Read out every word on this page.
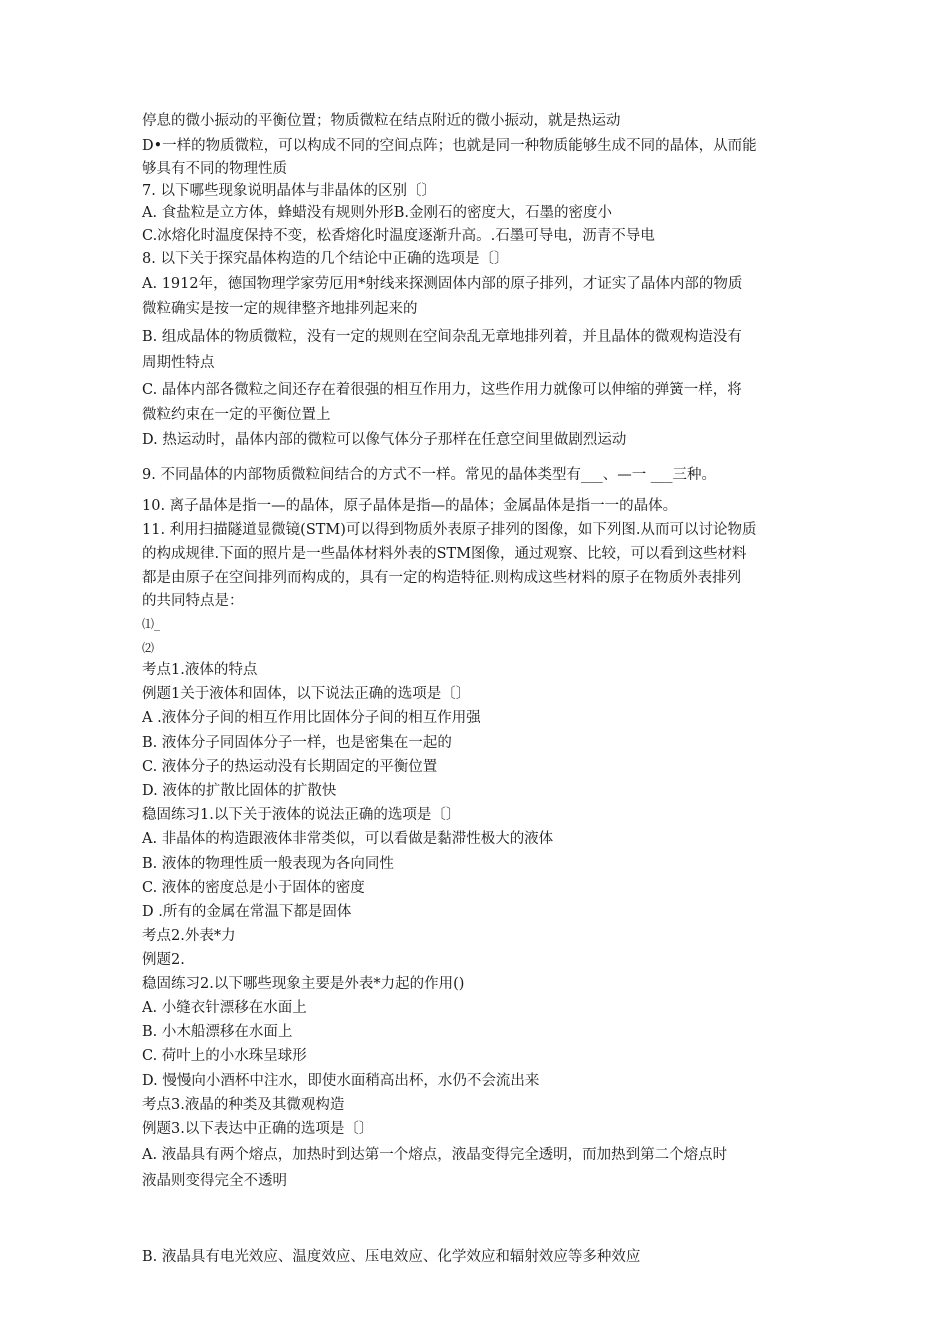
停息的微小振动的平衡位置；物质微粒在结点附近的微小振动，就是热运动
D•一样的物质微粒，可以构成不同的空间点阵；也就是同一种物质能够生成不同的晶体，从而能
够具有不同的物理性质
7. 以下哪些现象说明晶体与非晶体的区别〔〕
A. 食盐粒是立方体，蜂蜡没有规则外形B.金刚石的密度大，石墨的密度小
C.冰熔化时温度保持不变，松香熔化时温度逐渐升高。.石墨可导电，沥青不导电
8. 以下关于探究晶体构造的几个结论中正确的选项是〔〕
A. 1912年，德国物理学家劳厄用*射线来探测固体内部的原子排列，才证实了晶体内部的物质
微粒确实是按一定的规律整齐地排列起来的
B. 组成晶体的物质微粒，没有一定的规则在空间杂乱无章地排列着，并且晶体的微观构造没有
周期性特点
C. 晶体内部各微粒之间还存在着很强的相互作用力，这些作用力就像可以伸缩的弹簧一样，将
微粒约束在一定的平衡位置上
D. 热运动时，晶体内部的微粒可以像气体分子那样在任意空间里做剧烈运动
9. 不同晶体的内部物质微粒间结合的方式不一样。常见的晶体类型有___、—一 ___三种。
10. 离子晶体是指一—的晶体，原子晶体是指—的晶体；金属晶体是指一一的晶体。
11. 利用扫描隧道显微镜(STM)可以得到物质外表原子排列的图像，如下列图.从而可以讨论物质
的构成规律.下面的照片是一些晶体材料外表的STM图像，通过观察、比较，可以看到这些材料
都是由原子在空间排列而构成的，具有一定的构造特征.则构成这些材料的原子在物质外表排列
的共同特点是：
⑴_
⑵
考点1.液体的特点
例题1关于液体和固体，以下说法正确的选项是〔〕
A .液体分子间的相互作用比固体分子间的相互作用强
B. 液体分子同固体分子一样，也是密集在一起的
C. 液体分子的热运动没有长期固定的平衡位置
D. 液体的扩散比固体的扩散快
稳固练习1.以下关于液体的说法正确的选项是〔〕
A. 非晶体的构造跟液体非常类似，可以看做是黏滞性极大的液体
B. 液体的物理性质一般表现为各向同性
C. 液体的密度总是小于固体的密度
D .所有的金属在常温下都是固体
考点2.外表*力
例题2.
稳固练习2.以下哪些现象主要是外表*力起的作用()
A. 小缝衣针漂移在水面上
B. 小木船漂移在水面上
C. 荷叶上的小水珠呈球形
D. 慢慢向小酒杯中注水，即使水面稍高出杯，水仍不会流出来
考点3.液晶的种类及其微观构造
例题3.以下表达中正确的选项是〔〕
A. 液晶具有两个熔点，加热时到达第一个熔点，液晶变得完全透明，而加热到第二个熔点时
液晶则变得完全不透明
B. 液晶具有电光效应、温度效应、压电效应、化学效应和辐射效应等多种效应
